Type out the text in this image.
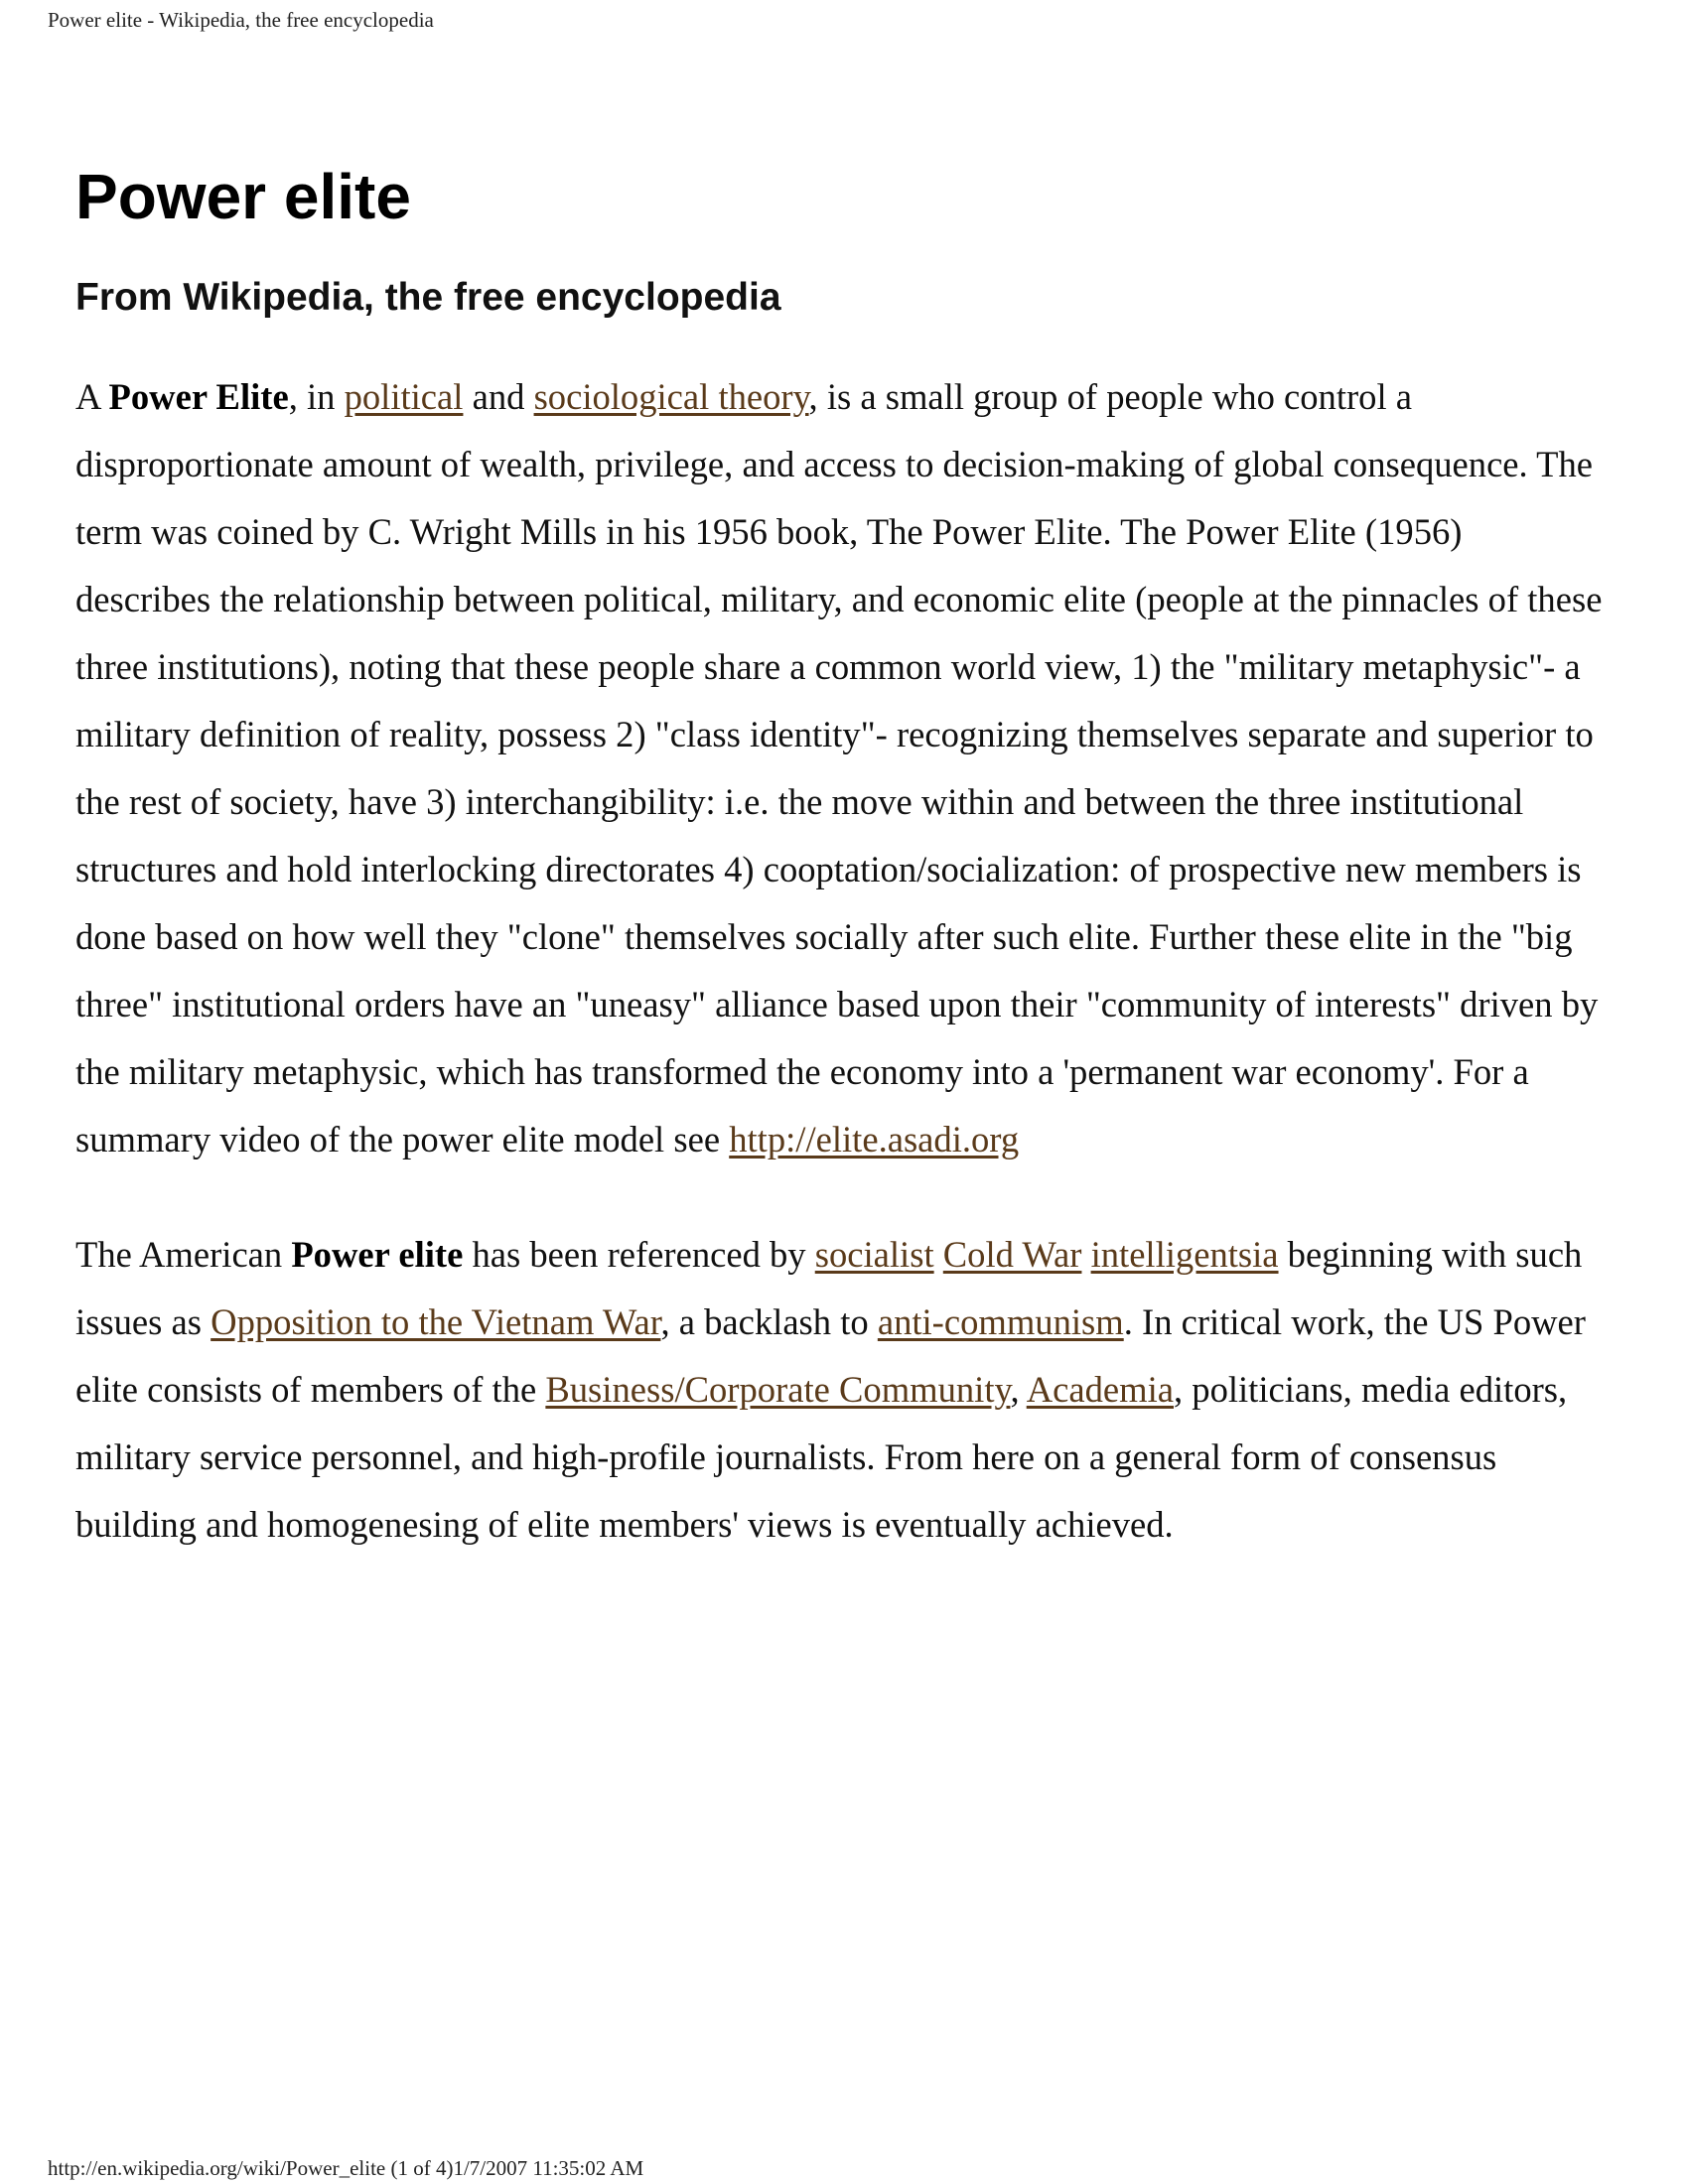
Power elite - Wikipedia, the free encyclopedia
Power elite
From Wikipedia, the free encyclopedia

A Power Elite, in political and sociological theory, is a small group of people who control a disproportionate amount of wealth, privilege, and access to decision-making of global consequence. The term was coined by C. Wright Mills in his 1956 book, The Power Elite. The Power Elite (1956) describes the relationship between political, military, and economic elite (people at the pinnacles of these three institutions), noting that these people share a common world view, 1) the "military metaphysic"- a military definition of reality, possess 2) "class identity"- recognizing themselves separate and superior to the rest of society, have 3) interchangibility: i.e. the move within and between the three institutional structures and hold interlocking directorates 4) cooptation/socialization: of prospective new members is done based on how well they "clone" themselves socially after such elite. Further these elite in the "big three" institutional orders have an "uneasy" alliance based upon their "community of interests" driven by the military metaphysic, which has transformed the economy into a 'permanent war economy'. For a summary video of the power elite model see http://elite.asadi.org

The American Power elite has been referenced by socialist Cold War intelligentsia beginning with such issues as Opposition to the Vietnam War, a backlash to anti-communism. In critical work, the US Power elite consists of members of the Business/Corporate Community, Academia, politicians, media editors, military service personnel, and high-profile journalists. From here on a general form of consensus building and homogenesing of elite members' views is eventually achieved.

http://en.wikipedia.org/wiki/Power_elite (1 of 4)1/7/2007 11:35:02 AM
